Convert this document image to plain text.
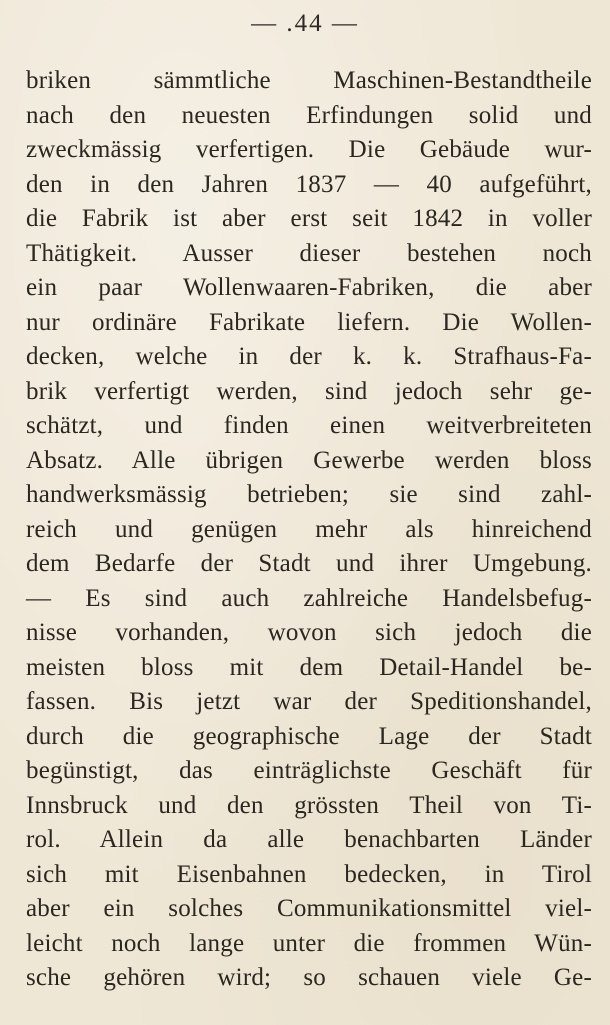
— .44 —
briken sämmtliche Maschinen-Bestandtheile
nach den neuesten Erfindungen solid und
zweckmässig verfertigen. Die Gebäude wur-
den in den Jahren 1837 — 40 aufgeführt,
die Fabrik ist aber erst seit 1842 in voller
Thätigkeit. Ausser dieser bestehen noch
ein paar Wollenwaaren-Fabriken, die aber
nur ordinäre Fabrikate liefern. Die Wollen-
decken, welche in der k. k. Strafhaus-Fa-
brik verfertigt werden, sind jedoch sehr ge-
schätzt, und finden einen weitverbreiteten
Absatz. Alle übrigen Gewerbe werden bloss
handwerksmässig betrieben; sie sind zahl-
reich und genügen mehr als hinreichend
dem Bedarfe der Stadt und ihrer Umgebung.
— Es sind auch zahlreiche Handelsbefug-
nisse vorhanden, wovon sich jedoch die
meisten bloss mit dem Detail-Handel be-
fassen. Bis jetzt war der Speditionshandel,
durch die geographische Lage der Stadt
begünstigt, das einträglichste Geschäft für
Innsbruck und den grössten Theil von Ti-
rol. Allein da alle benachbarten Länder
sich mit Eisenbahnen bedecken, in Tirol
aber ein solches Communikationsmittel viel-
leicht noch lange unter die frommen Wün-
sche gehören wird; so schauen viele Ge-
